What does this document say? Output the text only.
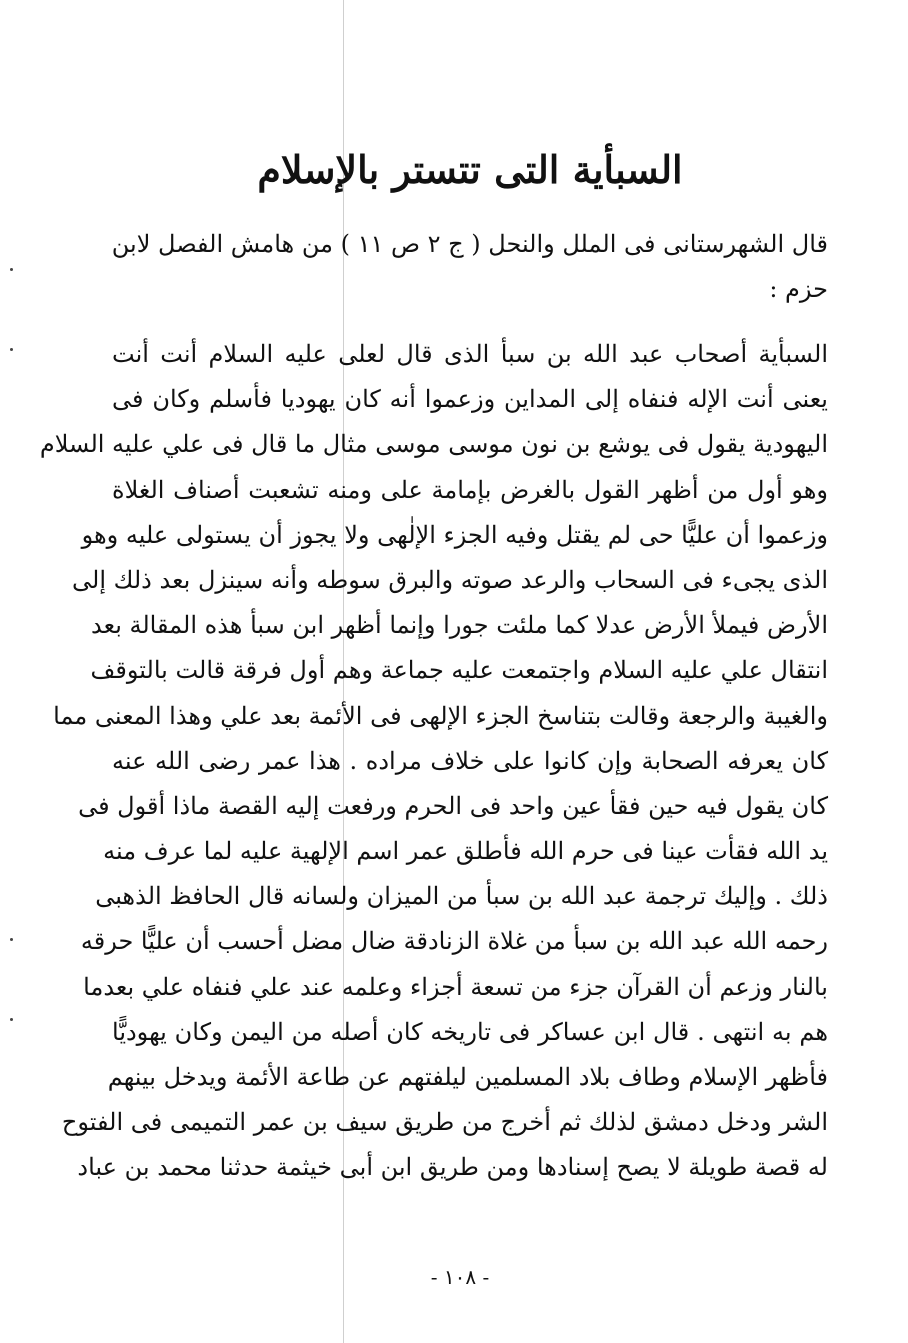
السبأية التى تتستر بالإسلام
قال الشهرستانى فى الملل والنحل ( ج ٢ ص ١١ ) من هامش الفصل لابن
حزم :
السبأية أصحاب عبد الله بن سبأ الذى قال لعلى عليه السلام أنت أنت
يعنى أنت الإله فنفاه إلى المداين وزعموا أنه كان يهوديا فأسلم وكان فى
اليهودية يقول فى يوشع بن نون موسى موسى مثال ما قال فى علي عليه السلام
وهو أول من أظهر القول بالغرض بإمامة على ومنه تشعبت أصناف الغلاة
وزعموا أن عليًّا حى لم يقتل وفيه الجزء الإلٰهى ولا يجوز أن يستولى عليه وهو
الذى يجىء فى السحاب والرعد صوته والبرق سوطه وأنه سينزل بعد ذلك إلى
الأرض فيملأ الأرض عدلا كما ملئت جورا وإنما أظهر ابن سبأ هذه المقالة بعد
انتقال علي عليه السلام واجتمعت عليه جماعة وهم أول فرقة قالت بالتوقف
والغيبة والرجعة وقالت بتناسخ الجزء الإلهى فى الأئمة بعد علي وهذا المعنى مما
كان يعرفه الصحابة وإن كانوا على خلاف مراده . هذا عمر رضى الله عنه
كان يقول فيه حين فقأ عين واحد فى الحرم ورفعت إليه القصة ماذا أقول فى
يد الله فقأت عينا فى حرم الله فأطلق عمر اسم الإلهية عليه لما عرف منه
ذلك . وإليك ترجمة عبد الله بن سبأ من الميزان ولسانه قال الحافظ الذهبى
رحمه الله عبد الله بن سبأ من غلاة الزنادقة ضال مضل أحسب أن عليًّا حرقه
بالنار وزعم أن القرآن جزء من تسعة أجزاء وعلمه عند علي فنفاه علي بعدما
هم به انتهى . قال ابن عساكر فى تاريخه كان أصله من اليمن وكان يهوديًّا
فأظهر الإسلام وطاف بلاد المسلمين ليلفتهم عن طاعة الأئمة ويدخل بينهم
الشر ودخل دمشق لذلك ثم أخرج من طريق سيف بن عمر التميمى فى الفتوح
له قصة طويلة لا يصح إسنادها ومن طريق ابن أبى خيثمة حدثنا محمد بن عباد
- ١٠٨ -
